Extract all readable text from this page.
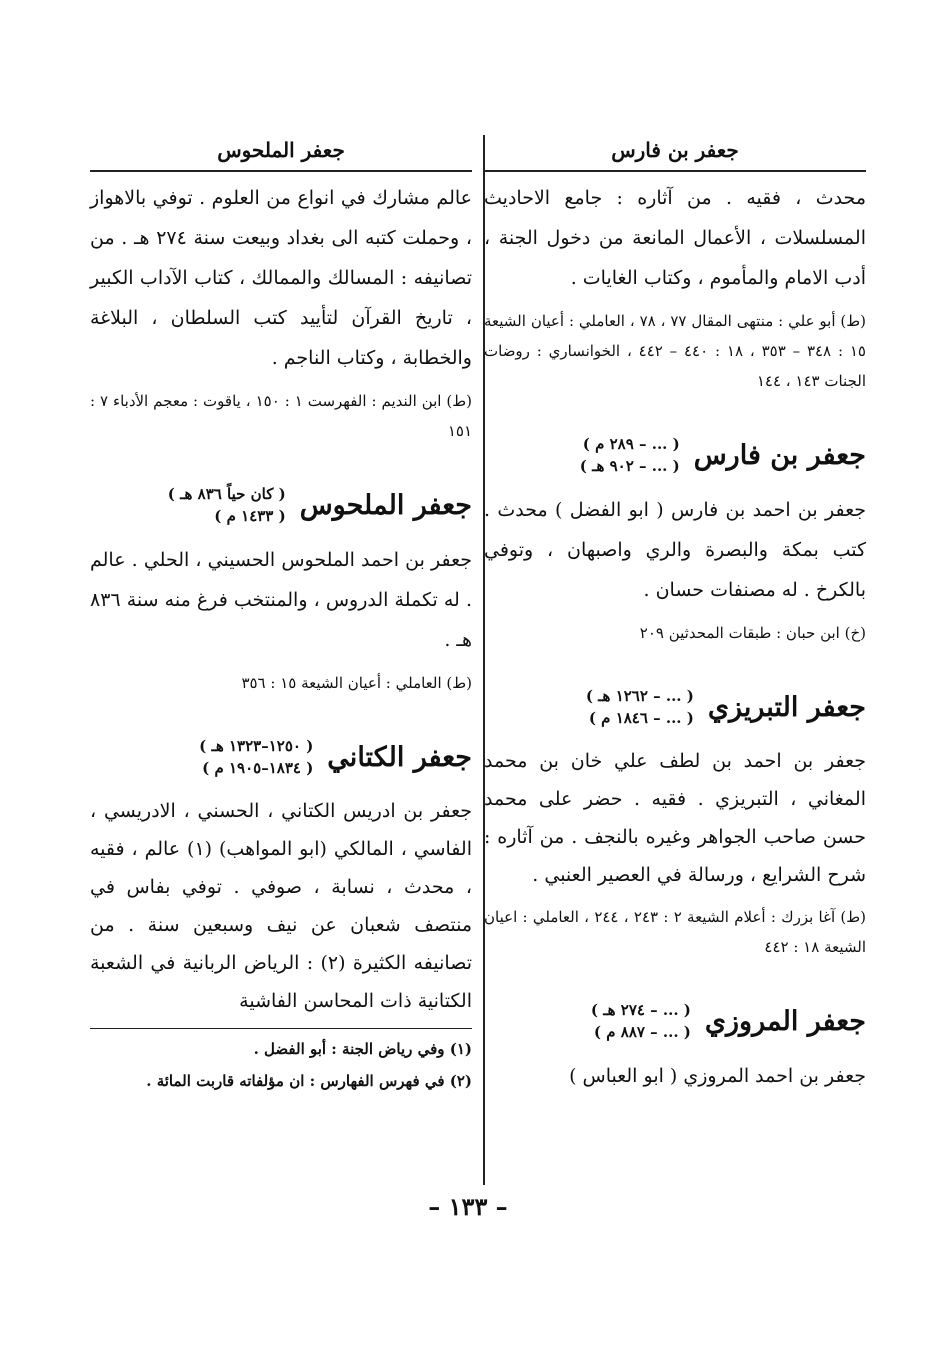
جعفر بن فارس

محدث ، فقيه . من آثاره : جامع الاحاديث المسلسلات ، الأعمال المانعة من دخول الجنة ، أدب الامام والمأموم ، وكتاب الغايات .

(ط) أبو علي : منتهى المقال ٧٧ ، ٧٨ ، العاملي : أعيان الشيعة ١٥ : ٣٤٨ – ٣٥٣ ، ١٨ : ٤٤٠ – ٤٤٢ ، الخوانساري : روضات الجنات ١٤٣ ، ١٤٤

جعفر بن فارس
( ... – ٢٨٩ م )
( ... – ٩٠٢ هـ )

جعفر بن احمد بن فارس ( ابو الفضل ) محدث . كتب بمكة والبصرة والري واصبهان ، وتوفي بالكرخ . له مصنفات حسان .

(خ) ابن حبان : طبقات المحدثين ٢٠٩

جعفر التبريزي
( ... – ١٢٦٢ هـ )
( ... – ١٨٤٦ م )

جعفر بن احمد بن لطف علي خان بن محمد المغاني ، التبريزي . فقيه . حضر على محمد حسن صاحب الجواهر وغيره بالنجف . من آثاره : شرح الشرايع ، ورسالة في العصير العنبي .

(ط) آغا بزرك : أعلام الشيعة ٢ : ٢٤٣ ، ٢٤٤ ، العاملي : اعيان الشيعة ١٨ : ٤٤٢

جعفر المروزي
( ... – ٢٧٤ هـ )
( ... – ٨٨٧ م )

جعفر بن احمد المروزي ( ابو العباس )

جعفر الملحوس

عالم مشارك في انواع من العلوم . توفي بالاهواز ، وحملت كتبه الى بغداد وبيعت سنة ٢٧٤ هـ . من تصانيفه : المسالك والممالك ، كتاب الآداب الكبير ، تاريخ القرآن لتأييد كتب السلطان ، البلاغة والخطابة ، وكتاب الناجم .

(ط) ابن النديم : الفهرست ١ : ١٥٠ ، ياقوت : معجم الأدباء ٧ : ١٥١

جعفر الملحوس
( كان حياً ٨٣٦ هـ )
( ١٤٣٣ م )

جعفر بن احمد الملحوس الحسيني ، الحلي . عالم . له تكملة الدروس ، والمنتخب فرغ منه سنة ٨٣٦ هـ .

(ط) العاملي : أعيان الشيعة ١٥ : ٣٥٦

جعفر الكتاني
( ١٢٥٠–١٣٢٣ هـ )
( ١٨٣٤–١٩٠٥ م )

جعفر بن ادريس الكتاني ، الحسني ، الادريسي ، الفاسي ، المالكي (ابو المواهب) (١) عالم ، فقيه ، محدث ، نسابة ، صوفي . توفي بفاس في منتصف شعبان عن نيف وسبعين سنة . من تصانيفه الكثيرة (٢) : الرياض الربانية في الشعبة الكتانية ذات المحاسن الفاشية

(١) وفي رياض الجنة : أبو الفضل .
(٢) في فهرس الفهارس : ان مؤلفاته قاربت المائة .
– ١٣٣ –
